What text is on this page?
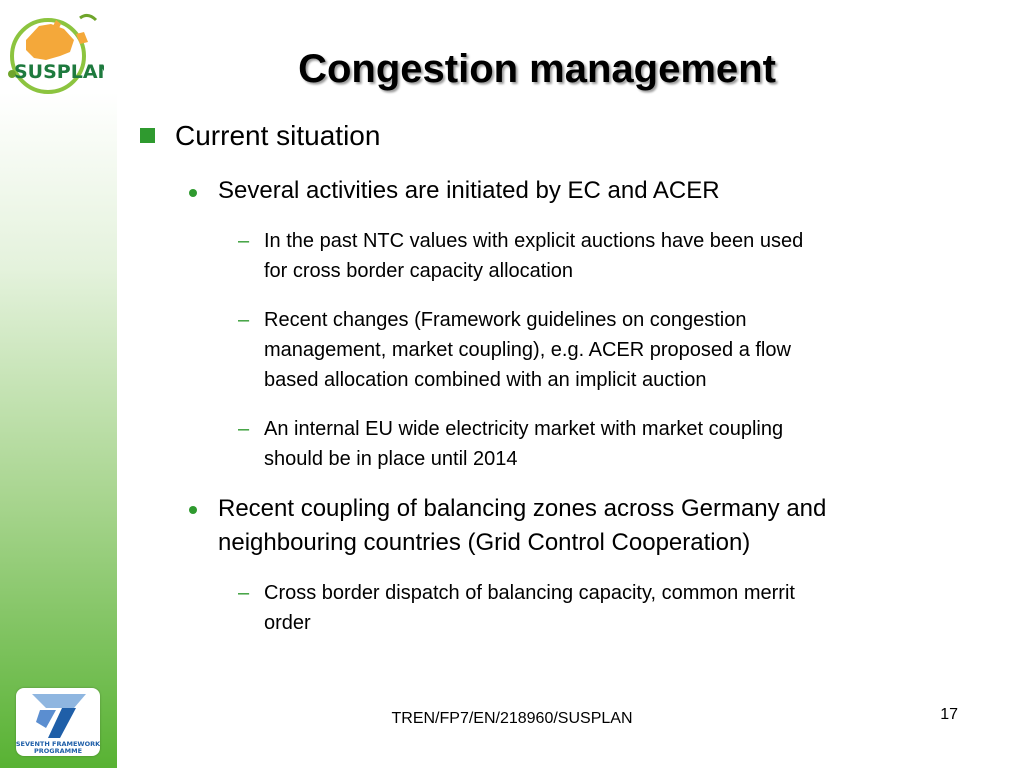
SUSPLAN	Congestion management

Current situation

Several activities are initiated by EC and ACER

– In the past NTC values with explicit auctions have been used

for cross border capacity allocation

– Recent changes (Framework guidelines on congestion

management, market coupling), e.g. ACER proposed a flow

based allocation combined with an implicit auction

– An internal EU wide electricity market with market coupling

should be in place until 2014

Recent coupling of balancing zones across Germany and

neighbouring countries (Grid Control Cooperation)

– Cross border dispatch of balancing capacity, common merrit

order

SEVENTH FRAMEWORK
PROGRAMME
TREN/FP7/EN/218960/SUSPLAN	17
